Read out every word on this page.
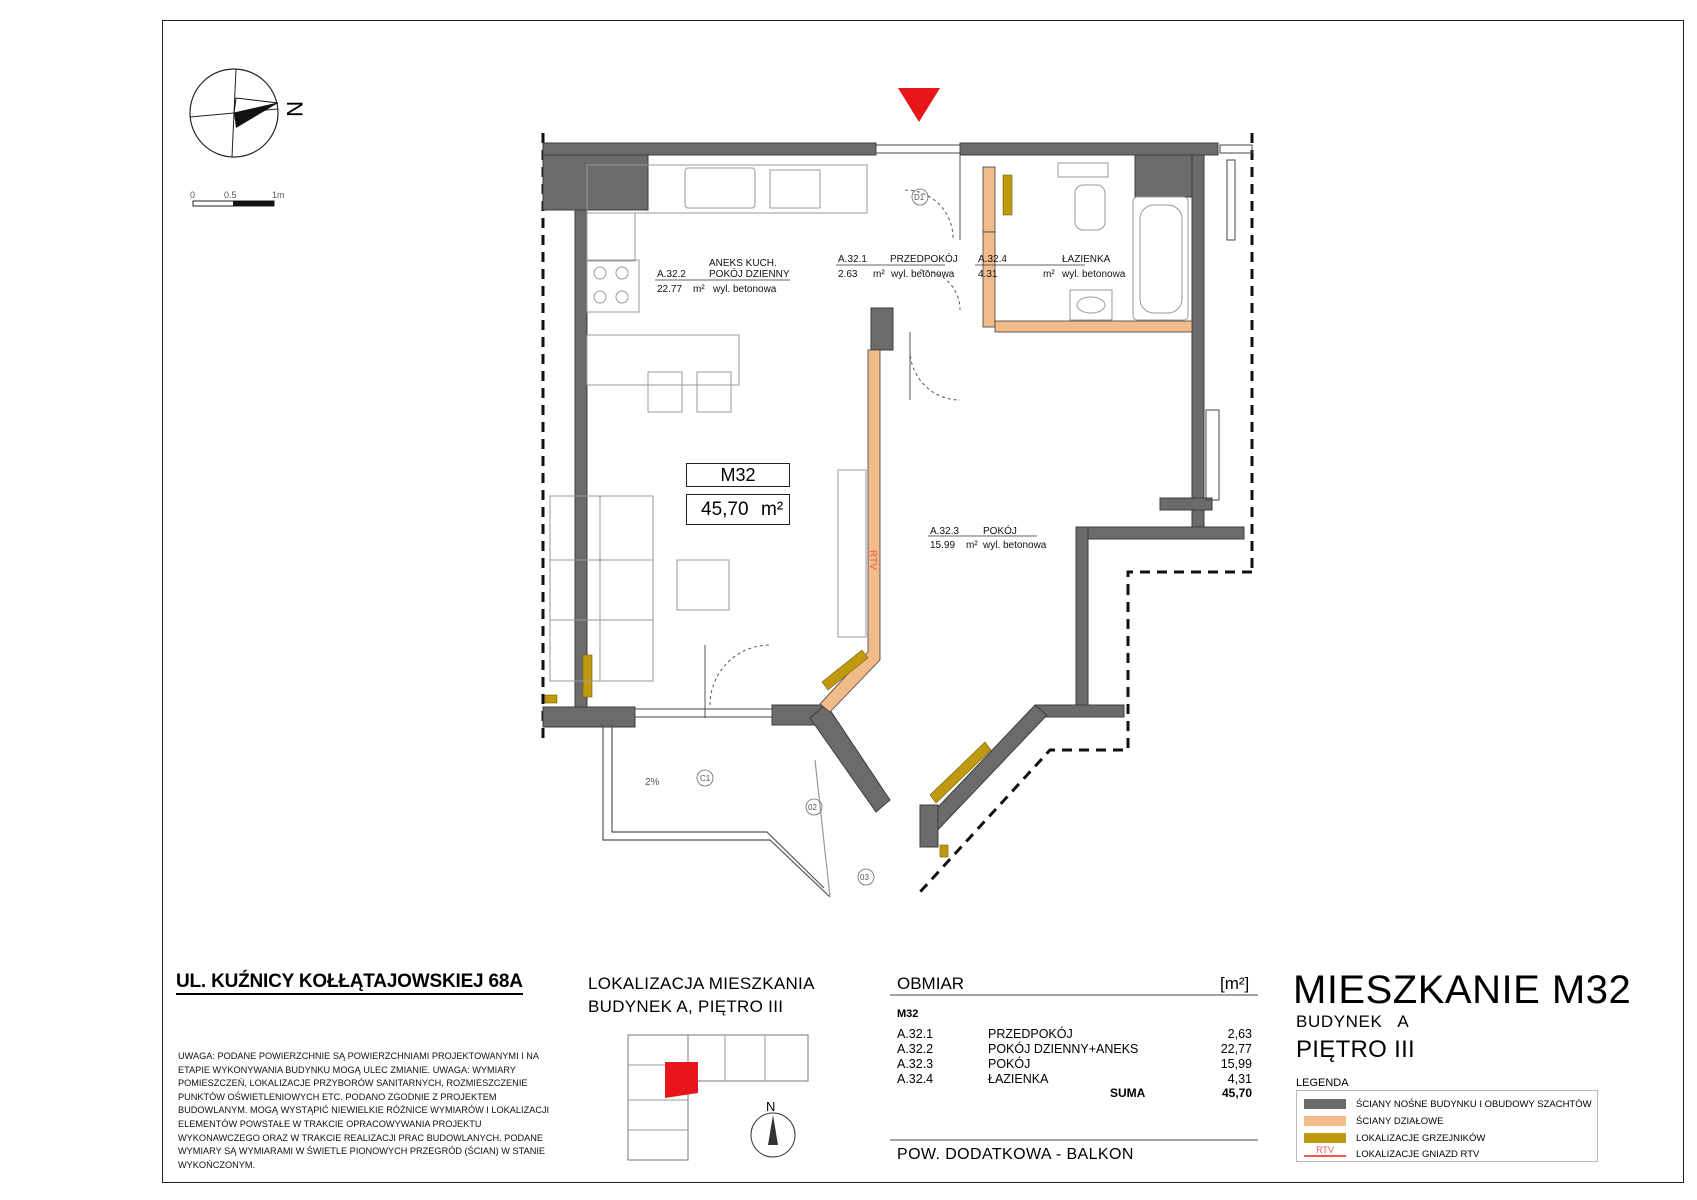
N
0	0.5	1m	D1
C1
02
03
2%
RTV
N
A.32.2
ANEKS KUCH.
POKÓJ DZIENNY
22.77 m² wyl. betonowa
A.32.1 PRZEDPOKÓJ
2.63 m² wyl. betonowa
A.32.4	ŁAZIENKA
4.31	m² wyl. betonowa
A.32.3 POKÓJ
15.99 m² wyl. betonowa
M32
45,70 m²
UL. KUŹNICY KOŁŁĄTAJOWSKIEJ 68A
UWAGA: PODANE POWIERZCHNIE SĄ POWIERZCHNIAMI PROJEKTOWANYMI I NA ETAPIE WYKONYWANIA BUDYNKU MOGĄ ULEC ZMIANIE. UWAGA: WYMIARY POMIESZCZEŃ, LOKALIZACJE PRZYBORÓW SANITARNYCH, ROZMIESZCZENIE PUNKTÓW OŚWIETLENIOWYCH ETC. PODANO ZGODNIE Z PROJEKTEM BUDOWLANYM. MOGĄ WYSTĄPIĆ NIEWIELKIE RÓŻNICE WYMIARÓW I LOKALIZACJI ELEMENTÓW POWSTAŁE W TRAKCIE OPRACOWYWANIA PROJEKTU WYKONAWCZEGO ORAZ W TRAKCIE REALIZACJI PRAC BUDOWLANYCH. PODANE WYMIARY SĄ WYMIARAMI W ŚWIETLE PIONOWYCH PRZEGRÓD (ŚCIAN) W STANIE WYKOŃCZONYM.
LOKALIZACJA MIESZKANIA
BUDYNEK A, PIĘTRO III
OBMIAR	[m²]
M32
A.32.1	PRZEDPOKÓJ	2,63
A.32.2	POKÓJ DZIENNY+ANEKS	22,77
A.32.3	POKÓJ	15,99
A.32.4	ŁAZIENKA	4,31
SUMA	45,70
POW. DODATKOWA - BALKON
MIESZKANIE M32
BUDYNEK   A
PIĘTRO III
LEGENDA
ŚCIANY NOŚNE BUDYNKU I OBUDOWY SZACHTÓW
ŚCIANY DZIAŁOWE
LOKALIZACJE GRZEJNIKÓW
RTV	LOKALIZACJE GNIAZD RTV
